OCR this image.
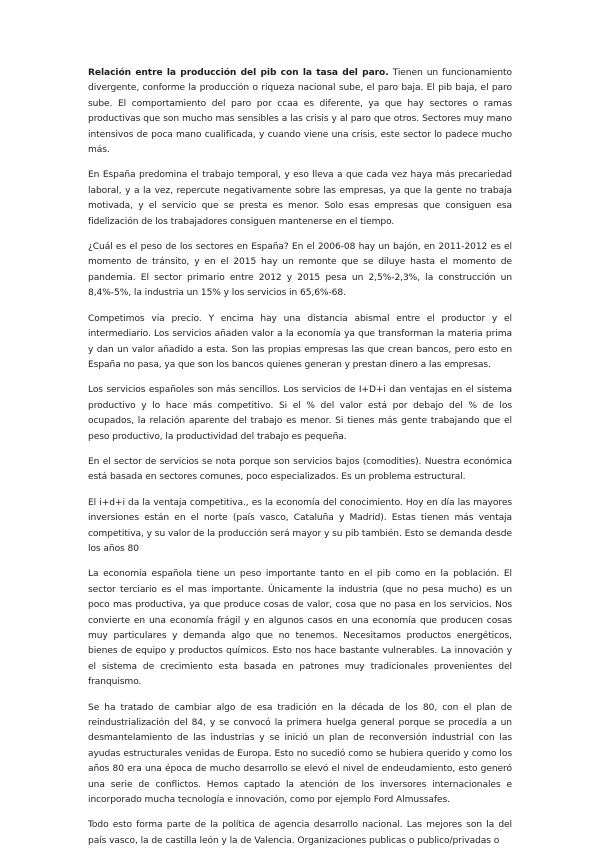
Relación entre la producción del pib con la tasa del paro. Tienen un funcionamiento divergente, conforme la producción o riqueza nacional sube, el paro baja. El pib baja, el paro sube. El comportamiento del paro por ccaa es diferente, ya que hay sectores o ramas productivas que son mucho mas sensibles a las crisis y al paro que otros. Sectores muy mano intensivos de poca mano cualificada, y cuando viene una crisis, este sector lo padece mucho más.

En España predomina el trabajo temporal, y eso lleva a que cada vez haya más precariedad laboral, y a la vez, repercute negativamente sobre las empresas, ya que la gente no trabaja motivada, y el servicio que se presta es menor. Solo esas empresas que consiguen esa fidelización de los trabajadores consiguen mantenerse en el tiempo.

¿Cuál es el peso de los sectores en España? En el 2006-08 hay un bajón, en 2011-2012 es el momento de tránsito, y en el 2015 hay un remonte que se diluye hasta el momento de pandemia. El sector primario entre 2012 y 2015 pesa un 2,5%-2,3%, la construcción un 8,4%-5%, la industria un 15% y los servicios in 65,6%-68.

Competimos via precio. Y encima hay una distancia abismal entre el productor y el intermediario. Los servicios añaden valor a la economía ya que transforman la materia prima y dan un valor añadido a esta. Son las propias empresas las que crean bancos, pero esto en España no pasa, ya que son los bancos quienes generan y prestan dinero a las empresas.

Los servicios españoles son más sencillos. Los servicios de I+D+i dan ventajas en el sistema productivo y lo hace más competitivo. Si el % del valor está por debajo del % de los ocupados, la relación aparente del trabajo es menor. Si tienes más gente trabajando que el peso productivo, la productividad del trabajo es pequeña.

En el sector de servicios se nota porque son servicios bajos (comodities). Nuestra económica está basada en sectores comunes, poco especializados. Es un problema estructural.

El i+d+i da la ventaja competitiva., es la economía del conocimiento. Hoy en día las mayores inversiones están en el norte (país vasco, Cataluña y Madrid). Estas tienen más ventaja competitiva, y su valor de la producción será mayor y su pib también. Esto se demanda desde los años 80

La economía española tiene un peso importante tanto en el pib como en la población. El sector terciario es el mas importante. Únicamente la industria (que no pesa mucho) es un poco mas productiva, ya que produce cosas de valor, cosa que no pasa en los servicios. Nos convierte en una economía frágil y en algunos casos en una economía que producen cosas muy particulares y demanda algo que no tenemos. Necesitamos productos energéticos, bienes de equipo y productos químicos. Esto nos hace bastante vulnerables. La innovación y el sistema de crecimiento esta basada en patrones muy tradicionales provenientes del franquismo.

Se ha tratado de cambiar algo de esa tradición en la década de los 80, con el plan de reindustrialización del 84, y se convocó la primera huelga general porque se procedía a un desmantelamiento de las industrias y se inició un plan de reconversión industrial con las ayudas estructurales venidas de Europa. Esto no sucedió como se hubiera querido y como los años 80 era una época de mucho desarrollo se elevó el nivel de endeudamiento, esto generó una serie de conflictos. Hemos captado la atención de los inversores internacionales e incorporado mucha tecnología e innovación, como por ejemplo Ford Almussafes.

Todo esto forma parte de la política de agencia desarrollo nacional. Las mejores son la del país vasco, la de castilla león y la de Valencia. Organizaciones publicas o publico/privadas o
